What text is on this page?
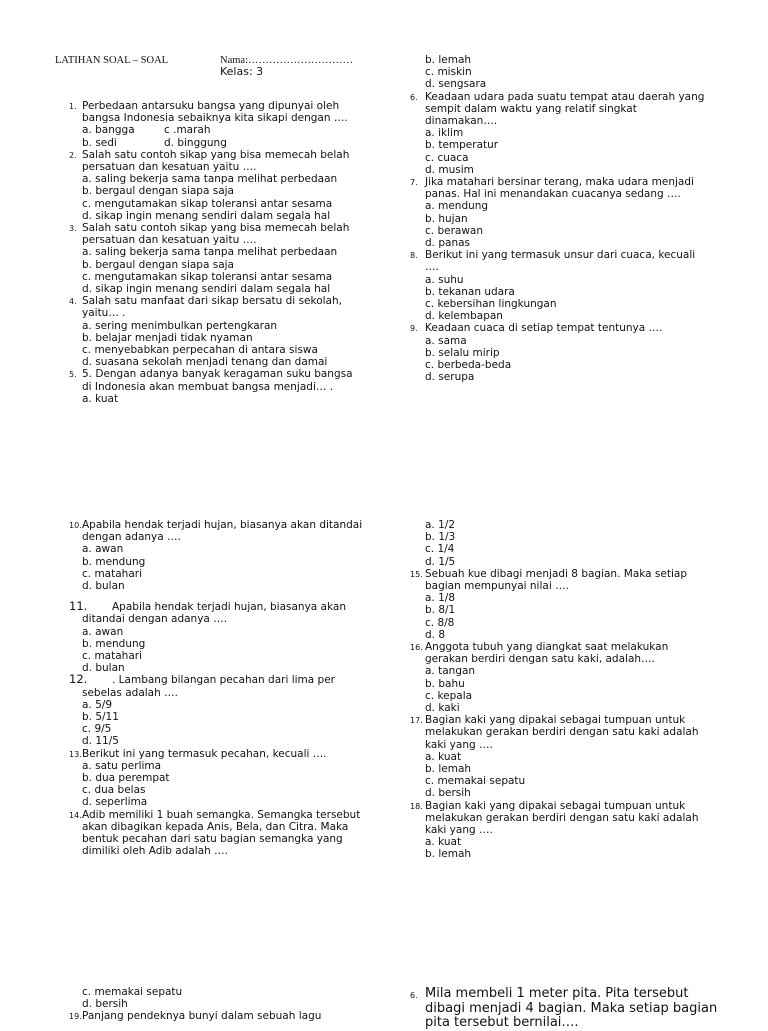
LATIHAN SOAL – SOAL	Nama:…………………………
Kelas: 3
1. Perbedaan antarsuku bangsa yang dipunyai oleh
bangsa Indonesia sebaiknya kita sikapi dengan ….
a. bangga	c .marah
b. sedi	d. binggung
2. Salah satu contoh sikap yang bisa memecah belah
persatuan dan kesatuan yaitu ….
a. saling bekerja sama tanpa melihat perbedaan
b. bergaul dengan siapa saja
c. mengutamakan sikap toleransi antar sesama
d. sikap ingin menang sendiri dalam segala hal
3. Salah satu contoh sikap yang bisa memecah belah
persatuan dan kesatuan yaitu ….
a. saling bekerja sama tanpa melihat perbedaan
b. bergaul dengan siapa saja
c. mengutamakan sikap toleransi antar sesama
d. sikap ingin menang sendiri dalam segala hal
4. Salah satu manfaat dari sikap bersatu di sekolah,
yaitu… .
a. sering menimbulkan pertengkaran
b. belajar menjadi tidak nyaman
c. menyebabkan perpecahan di antara siswa
d. suasana sekolah menjadi tenang dan damai
5. 5. Dengan adanya banyak keragaman suku bangsa
di Indonesia akan membuat bangsa menjadi… .
a. kuat
b. lemah
c. miskin
d. sengsara
6. Keadaan udara pada suatu tempat atau daerah yang
sempit dalam waktu yang relatif singkat
dinamakan….
a. iklim
b. temperatur
c. cuaca
d. musim
7. Jika matahari bersinar terang, maka udara menjadi
panas. Hal ini menandakan cuacanya sedang ….
a. mendung
b. hujan
c. berawan
d. panas
8. Berikut ini yang termasuk unsur dari cuaca, kecuali
….
a. suhu
b. tekanan udara
c. kebersihan lingkungan
d. kelembapan
9. Keadaan cuaca di setiap tempat tentunya ….
a. sama
b. selalu mirip
c. berbeda-beda
d. serupa
10. Apabila hendak terjadi hujan, biasanya akan ditandai
dengan adanya ….
a. awan
b. mendung
c. matahari
d. bulan
11.	Apabila hendak terjadi hujan, biasanya akan
ditandai dengan adanya ….
a. awan
b. mendung
c. matahari
d. bulan
12.	. Lambang bilangan pecahan dari lima per
sebelas adalah ….
a. 5/9
b. 5/11
c. 9/5
d. 11/5
13. Berikut ini yang termasuk pecahan, kecuali ….
a. satu perlima
b. dua perempat
c. dua belas
d. seperlima
14. Adib memiliki 1 buah semangka. Semangka tersebut
akan dibagikan kepada Anis, Bela, dan Citra. Maka
bentuk pecahan dari satu bagian semangka yang
dimiliki oleh Adib adalah ….
a. 1/2
b. 1/3
c. 1/4
d. 1/5
15. Sebuah kue dibagi menjadi 8 bagian. Maka setiap
bagian mempunyai nilai ….
a. 1/8
b. 8/1
c. 8/8
d. 8
16. Anggota tubuh yang diangkat saat melakukan
gerakan berdiri dengan satu kaki, adalah….
a. tangan
b. bahu
c. kepala
d. kaki
17. Bagian kaki yang dipakai sebagai tumpuan untuk
melakukan gerakan berdiri dengan satu kaki adalah
kaki yang ….
a. kuat
b. lemah
c. memakai sepatu
d. bersih
18. Bagian kaki yang dipakai sebagai tumpuan untuk
melakukan gerakan berdiri dengan satu kaki adalah
kaki yang ….
a. kuat
b. lemah
c. memakai sepatu
d. bersih
19. Panjang pendeknya bunyi dalam sebuah lagu
6. Mila membeli 1 meter pita. Pita tersebut
dibagi menjadi 4 bagian. Maka setiap bagian
pita tersebut bernilai….
